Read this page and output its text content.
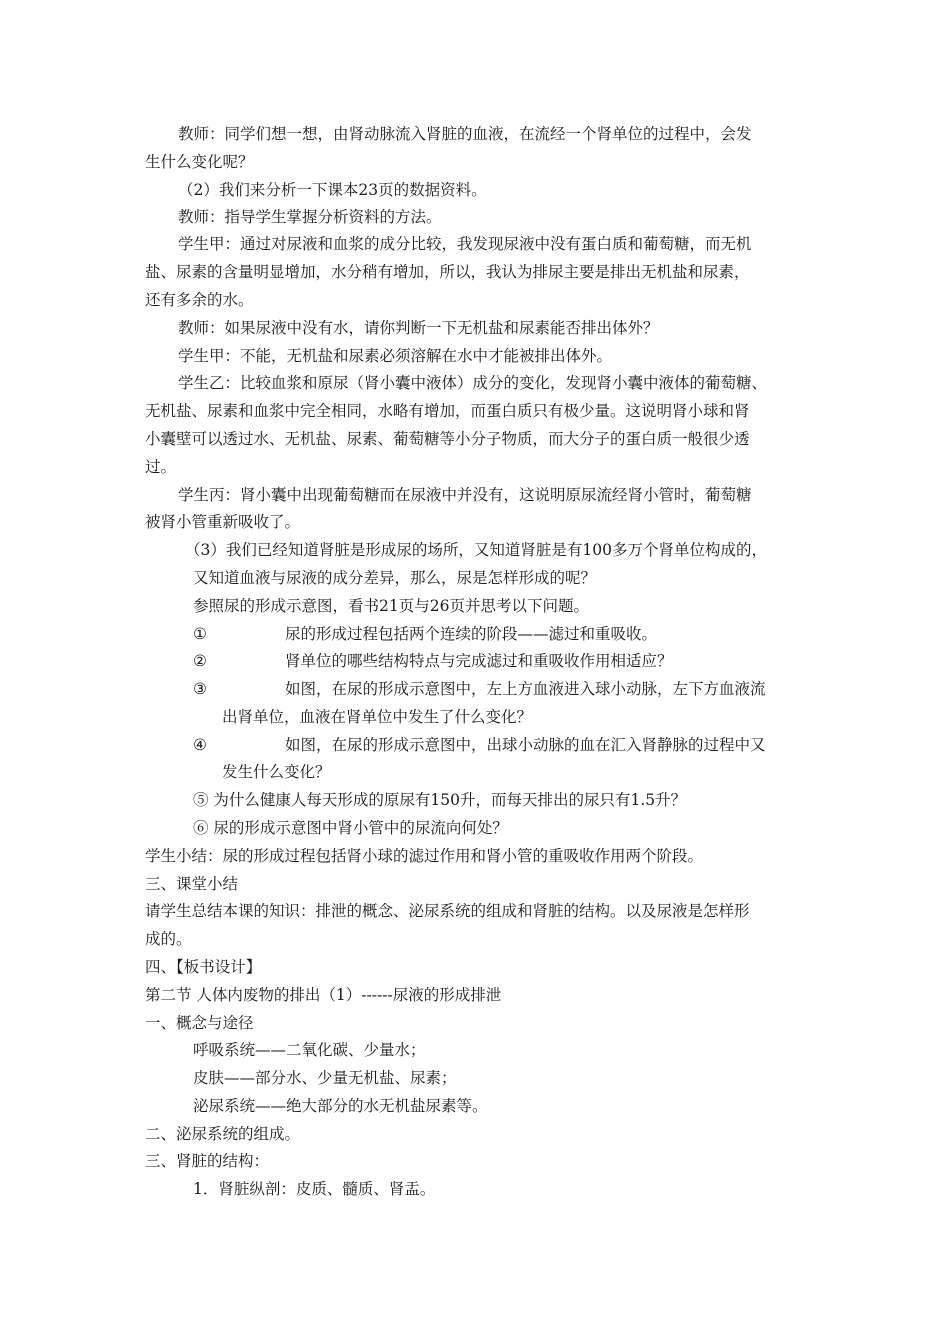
教师：同学们想一想，由肾动脉流入肾脏的血液，在流经一个肾单位的过程中，会发
生什么变化呢？
（2）我们来分析一下课本23页的数据资料。
教师：指导学生掌握分析资料的方法。
学生甲：通过对尿液和血浆的成分比较，我发现尿液中没有蛋白质和葡萄糖，而无机
盐、尿素的含量明显增加，水分稍有增加，所以，我认为排尿主要是排出无机盐和尿素，
还有多余的水。
教师：如果尿液中没有水，请你判断一下无机盐和尿素能否排出体外？
学生甲：不能，无机盐和尿素必须溶解在水中才能被排出体外。
学生乙：比较血浆和原尿（肾小囊中液体）成分的变化，发现肾小囊中液体的葡萄糖、
无机盐、尿素和血浆中完全相同，水略有增加，而蛋白质只有极少量。这说明肾小球和肾
小囊壁可以透过水、无机盐、尿素、葡萄糖等小分子物质，而大分子的蛋白质一般很少透
过。
学生丙：肾小囊中出现葡萄糖而在尿液中并没有，这说明原尿流经肾小管时，葡萄糖
被肾小管重新吸收了。
（3）我们已经知道肾脏是形成尿的场所，又知道肾脏是有100多万个肾单位构成的，
又知道血液与尿液的成分差异，那么，尿是怎样形成的呢？
参照尿的形成示意图，看书21页与26页并思考以下问题。
①	尿的形成过程包括两个连续的阶段——滤过和重吸收。
②	肾单位的哪些结构特点与完成滤过和重吸收作用相适应？
③	如图，在尿的形成示意图中，左上方血液进入球小动脉，左下方血液流
出肾单位，血液在肾单位中发生了什么变化？
④	如图，在尿的形成示意图中，出球小动脉的血在汇入肾静脉的过程中又
发生什么变化？
⑤ 为什么健康人每天形成的原尿有150升，而每天排出的尿只有1.5升？
⑥ 尿的形成示意图中肾小管中的尿流向何处？
学生小结：尿的形成过程包括肾小球的滤过作用和肾小管的重吸收作用两个阶段。
三、课堂小结
请学生总结本课的知识：排泄的概念、泌尿系统的组成和肾脏的结构。以及尿液是怎样形
成的。
四、【板书设计】
第二节 人体内废物的排出（1）------尿液的形成排泄
一、概念与途径
呼吸系统——二氧化碳、少量水；
皮肤——部分水、少量无机盐、尿素；
泌尿系统——绝大部分的水无机盐尿素等。
二、泌尿系统的组成。
三、肾脏的结构：
1．肾脏纵剖：皮质、髓质、肾盂。
